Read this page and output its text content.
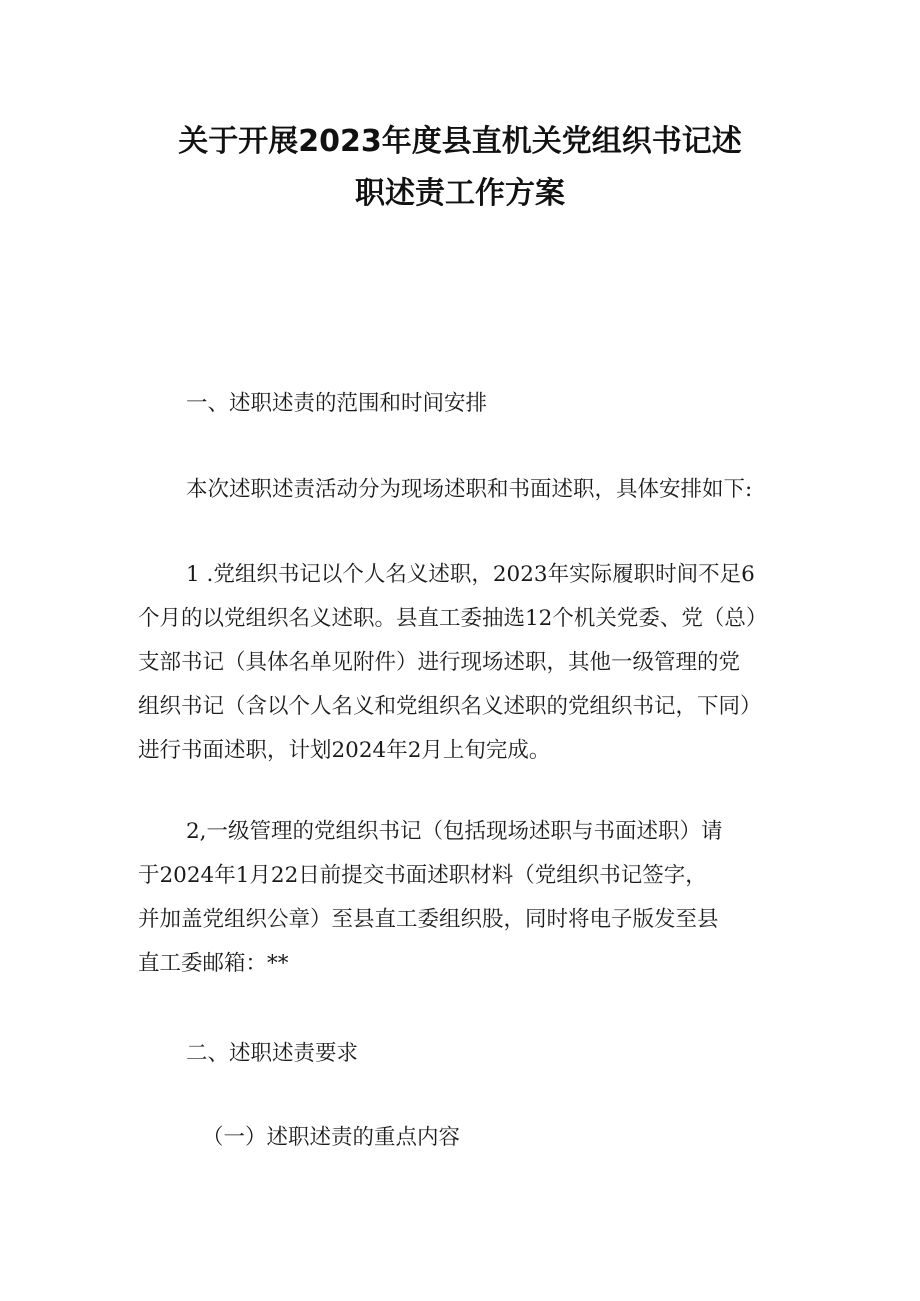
关于开展2023年度县直机关党组织书记述
职述责工作方案

一、述职述责的范围和时间安排

本次述职述责活动分为现场述职和书面述职，具体安排如下:

1 .党组织书记以个人名义述职，2023年实际履职时间不足6
个月的以党组织名义述职。县直工委抽选12个机关党委、党（总）
支部书记（具体名单见附件）进行现场述职，其他一级管理的党
组织书记（含以个人名义和党组织名义述职的党组织书记，下同）
进行书面述职，计划2024年2月上旬完成。

2,一级管理的党组织书记（包括现场述职与书面述职）请
于2024年1月22日前提交书面述职材料（党组织书记签字，
并加盖党组织公章）至县直工委组织股，同时将电子版发至县
直工委邮箱：**

二、述职述责要求

（一）述职述责的重点内容
